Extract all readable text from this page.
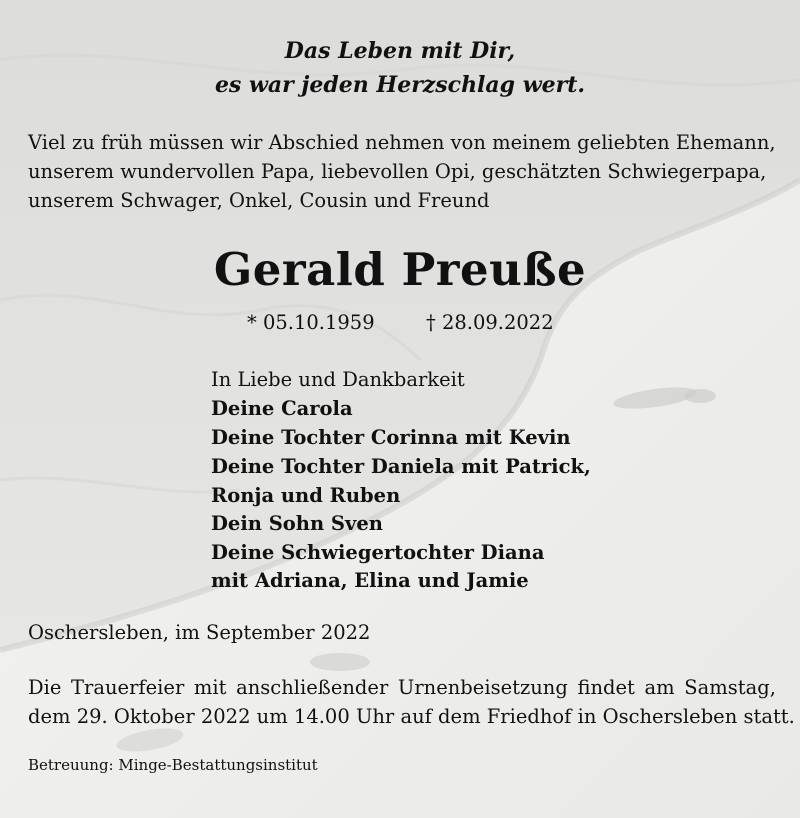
Das Leben mit Dir,
es war jeden Herzschlag wert.
Viel zu früh müssen wir Abschied nehmen von meinem geliebten Ehemann,
unserem wundervollen Papa, liebevollen Opi, geschätzten Schwiegerpapa,
unserem Schwager, Onkel, Cousin und Freund
Gerald Preuße
* 05.10.1959	† 28.09.2022
In Liebe und Dankbarkeit
Deine Carola
Deine Tochter Corinna mit Kevin
Deine Tochter Daniela mit Patrick,
Ronja und Ruben
Dein Sohn Sven
Deine Schwiegertochter Diana
mit Adriana, Elina und Jamie
Oschersleben, im September 2022
Die Trauerfeier mit anschließender Urnenbeisetzung findet am Samstag,
dem 29. Oktober 2022 um 14.00 Uhr auf dem Friedhof in Oschersleben statt.
Betreuung: Minge-Bestattungsinstitut
